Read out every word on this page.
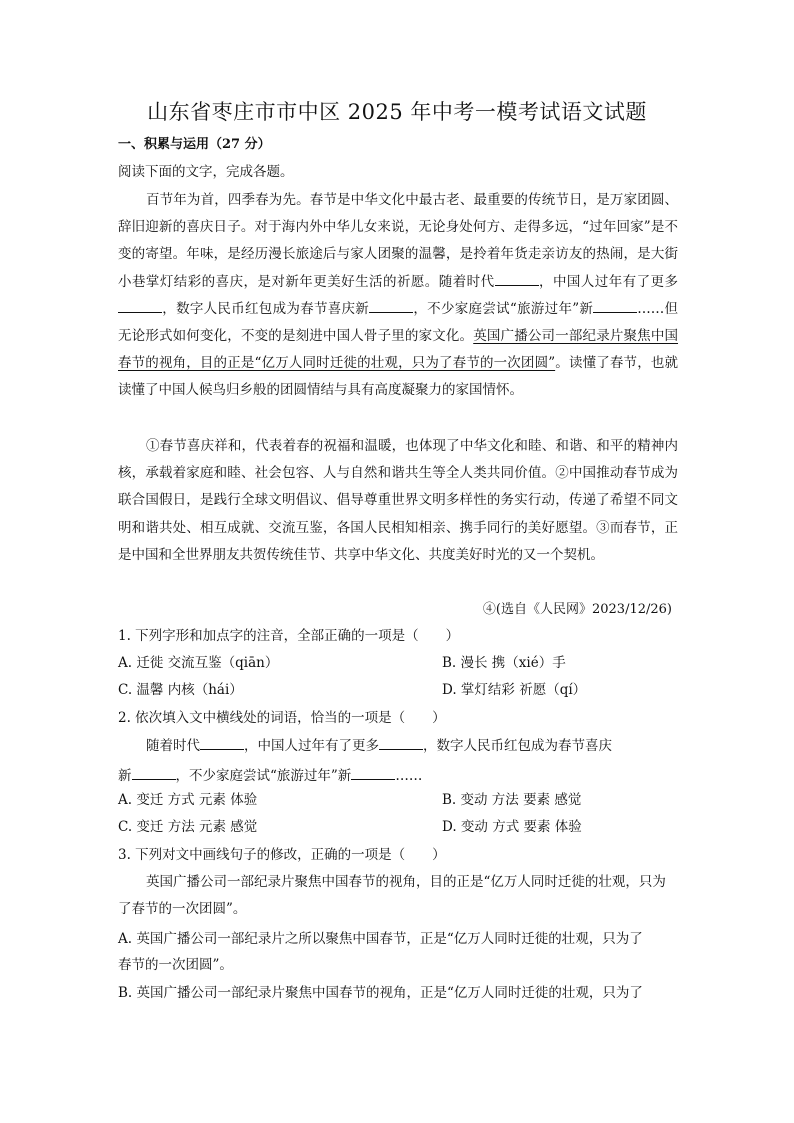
山东省枣庄市市中区 2025 年中考一模考试语文试题
一、积累与运用（27 分）
阅读下面的文字，完成各题。

百节年为首，四季春为先。春节是中华文化中最古老、最重要的传统节日，是万家团圆、辞旧迎新的喜庆日子。对于海内外中华儿女来说，无论身处何方、走得多远，“过年回家”是不变的寄望。年味，是经历漫长旅途后与家人团聚的温馨，是拎着年货走亲访友的热闹，是大街小巷掌灯结彩的喜庆，是对新年更美好生活的祈愿。随着时代	，中国人过年有了更多，数字人民币红包成为春节喜庆新	，不少家庭尝试“旅游过年”新	……但无论形式如何变化，不变的是刻进中国人骨子里的家文化。英国广播公司一部纪录片聚焦中国春节的视角，目的正是“亿万人同时迁徙的壮观，只为了春节的一次团圆”。读懂了春节，也就读懂了中国人候鸟归乡般的团圆情结与具有高度凝聚力的家国情怀。

①春节喜庆祥和，代表着春的祝福和温暖，也体现了中华文化和睦、和谐、和平的精神内核，承载着家庭和睦、社会包容、人与自然和谐共生等全人类共同价值。②中国推动春节成为联合国假日，是践行全球文明倡议、倡导尊重世界文明多样性的务实行动，传递了希望不同文明和谐共处、相互成就、交流互鉴，各国人民相知相亲、携手同行的美好愿望。③而春节，正是中国和全世界朋友共贺传统佳节、共享中华文化、共度美好时光的又一个契机。

④(选自《人民网》2023/12/26)
1. 下列字形和加点字的注音，全部正确的一项是（　　）
A. 迁徙 交流互鉴（qiān）	B. 漫长 携（xié）手
C. 温馨 内核（hái）	D. 掌灯结彩 祈愿（qí）
2. 依次填入文中横线处的词语，恰当的一项是（　　）

随着时代	，中国人过年有了更多	，数字人民币红包成为春节喜庆

新	，不少家庭尝试“旅游过年”新	……
A. 变迁 方式 元素 体验	B. 变动 方法 要素 感觉
C. 变迁 方法 元素 感觉	D. 变动 方式 要素 体验
3. 下列对文中画线句子的修改，正确的一项是（　　）

英国广播公司一部纪录片聚焦中国春节的视角，目的正是“亿万人同时迁徙的壮观，只为了春节的一次团圆”。

A. 英国广播公司一部纪录片之所以聚焦中国春节，正是“亿万人同时迁徙的壮观，只为了
春节的一次团圆”。
B. 英国广播公司一部纪录片聚焦中国春节的视角，正是“亿万人同时迁徙的壮观，只为了
